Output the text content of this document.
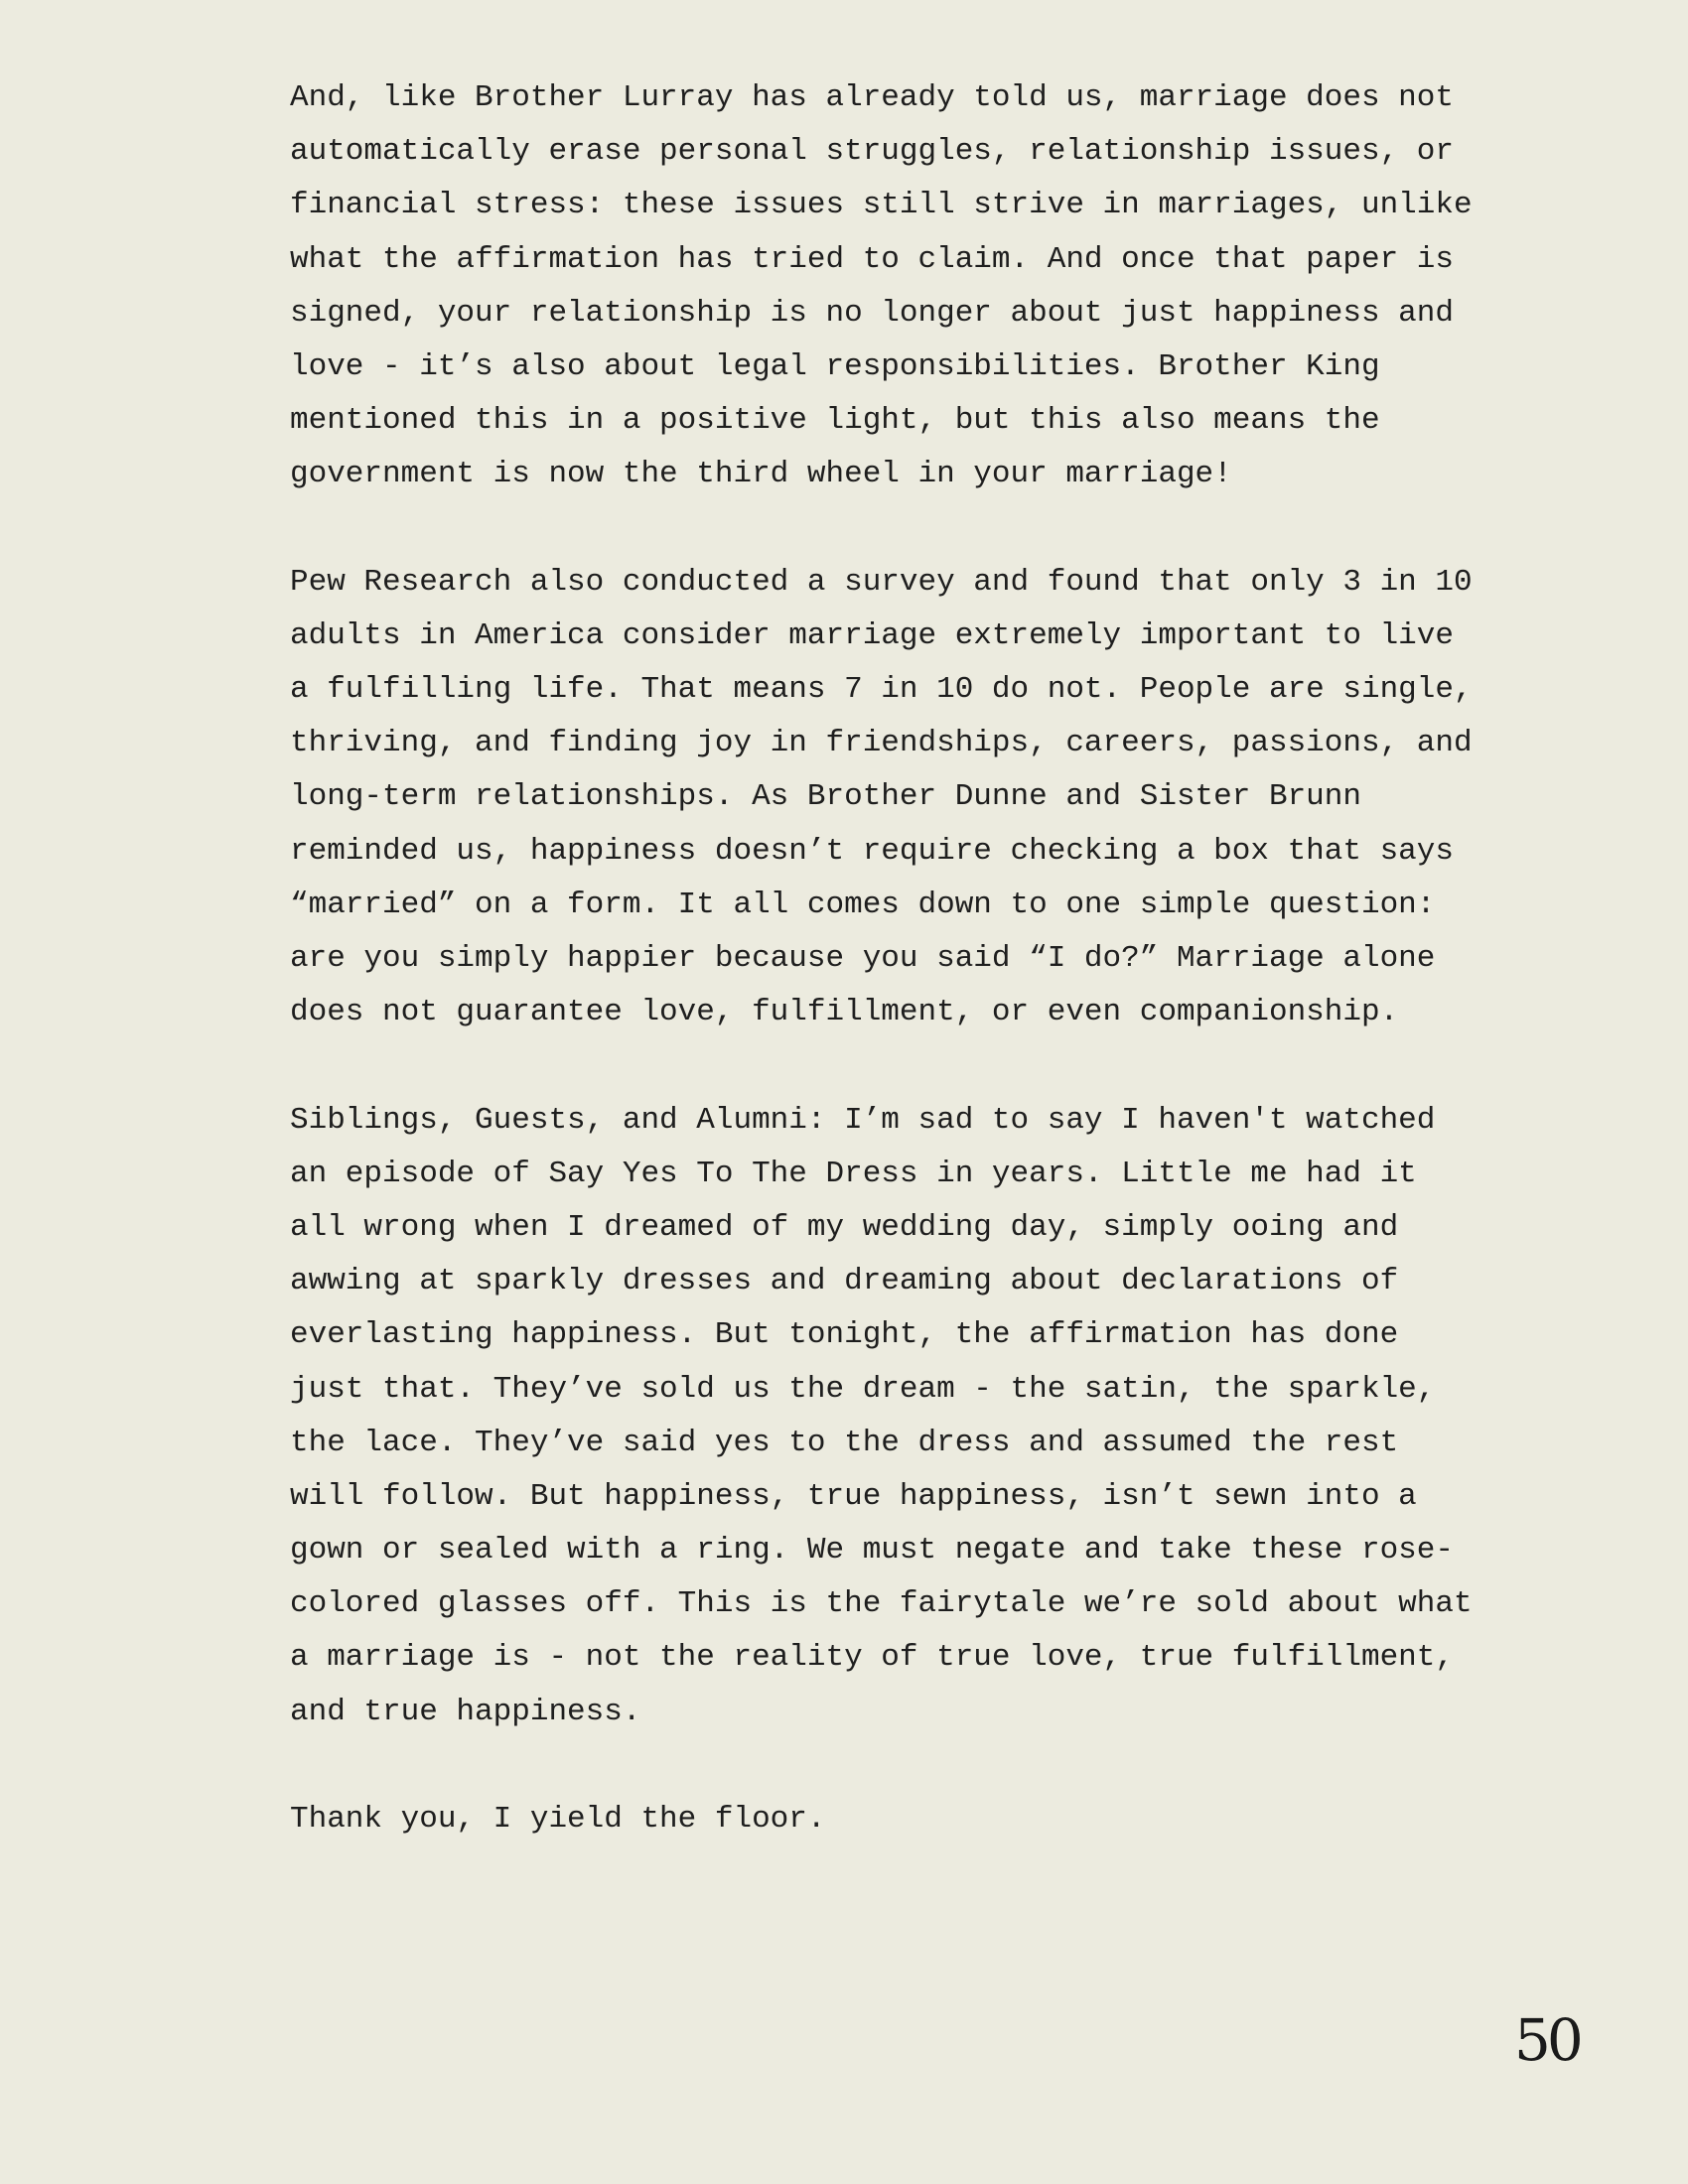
And, like Brother Lurray has already told us, marriage does not
automatically erase personal struggles, relationship issues, or
financial stress: these issues still strive in marriages, unlike
what the affirmation has tried to claim. And once that paper is
signed, your relationship is no longer about just happiness and
love - it’s also about legal responsibilities. Brother King
mentioned this in a positive light, but this also means the
government is now the third wheel in your marriage!

Pew Research also conducted a survey and found that only 3 in 10
adults in America consider marriage extremely important to live
a fulfilling life. That means 7 in 10 do not. People are single,
thriving, and finding joy in friendships, careers, passions, and
long-term relationships. As Brother Dunne and Sister Brunn
reminded us, happiness doesn’t require checking a box that says
“married” on a form. It all comes down to one simple question:
are you simply happier because you said “I do?” Marriage alone
does not guarantee love, fulfillment, or even companionship.

Siblings, Guests, and Alumni: I’m sad to say I haven't watched
an episode of Say Yes To The Dress in years. Little me had it
all wrong when I dreamed of my wedding day, simply ooing and
awwing at sparkly dresses and dreaming about declarations of
everlasting happiness. But tonight, the affirmation has done
just that. They’ve sold us the dream - the satin, the sparkle,
the lace. They’ve said yes to the dress and assumed the rest
will follow. But happiness, true happiness, isn’t sewn into a
gown or sealed with a ring. We must negate and take these rose-
colored glasses off. This is the fairytale we’re sold about what
a marriage is - not the reality of true love, true fulfillment,
and true happiness.

Thank you, I yield the floor.

50
